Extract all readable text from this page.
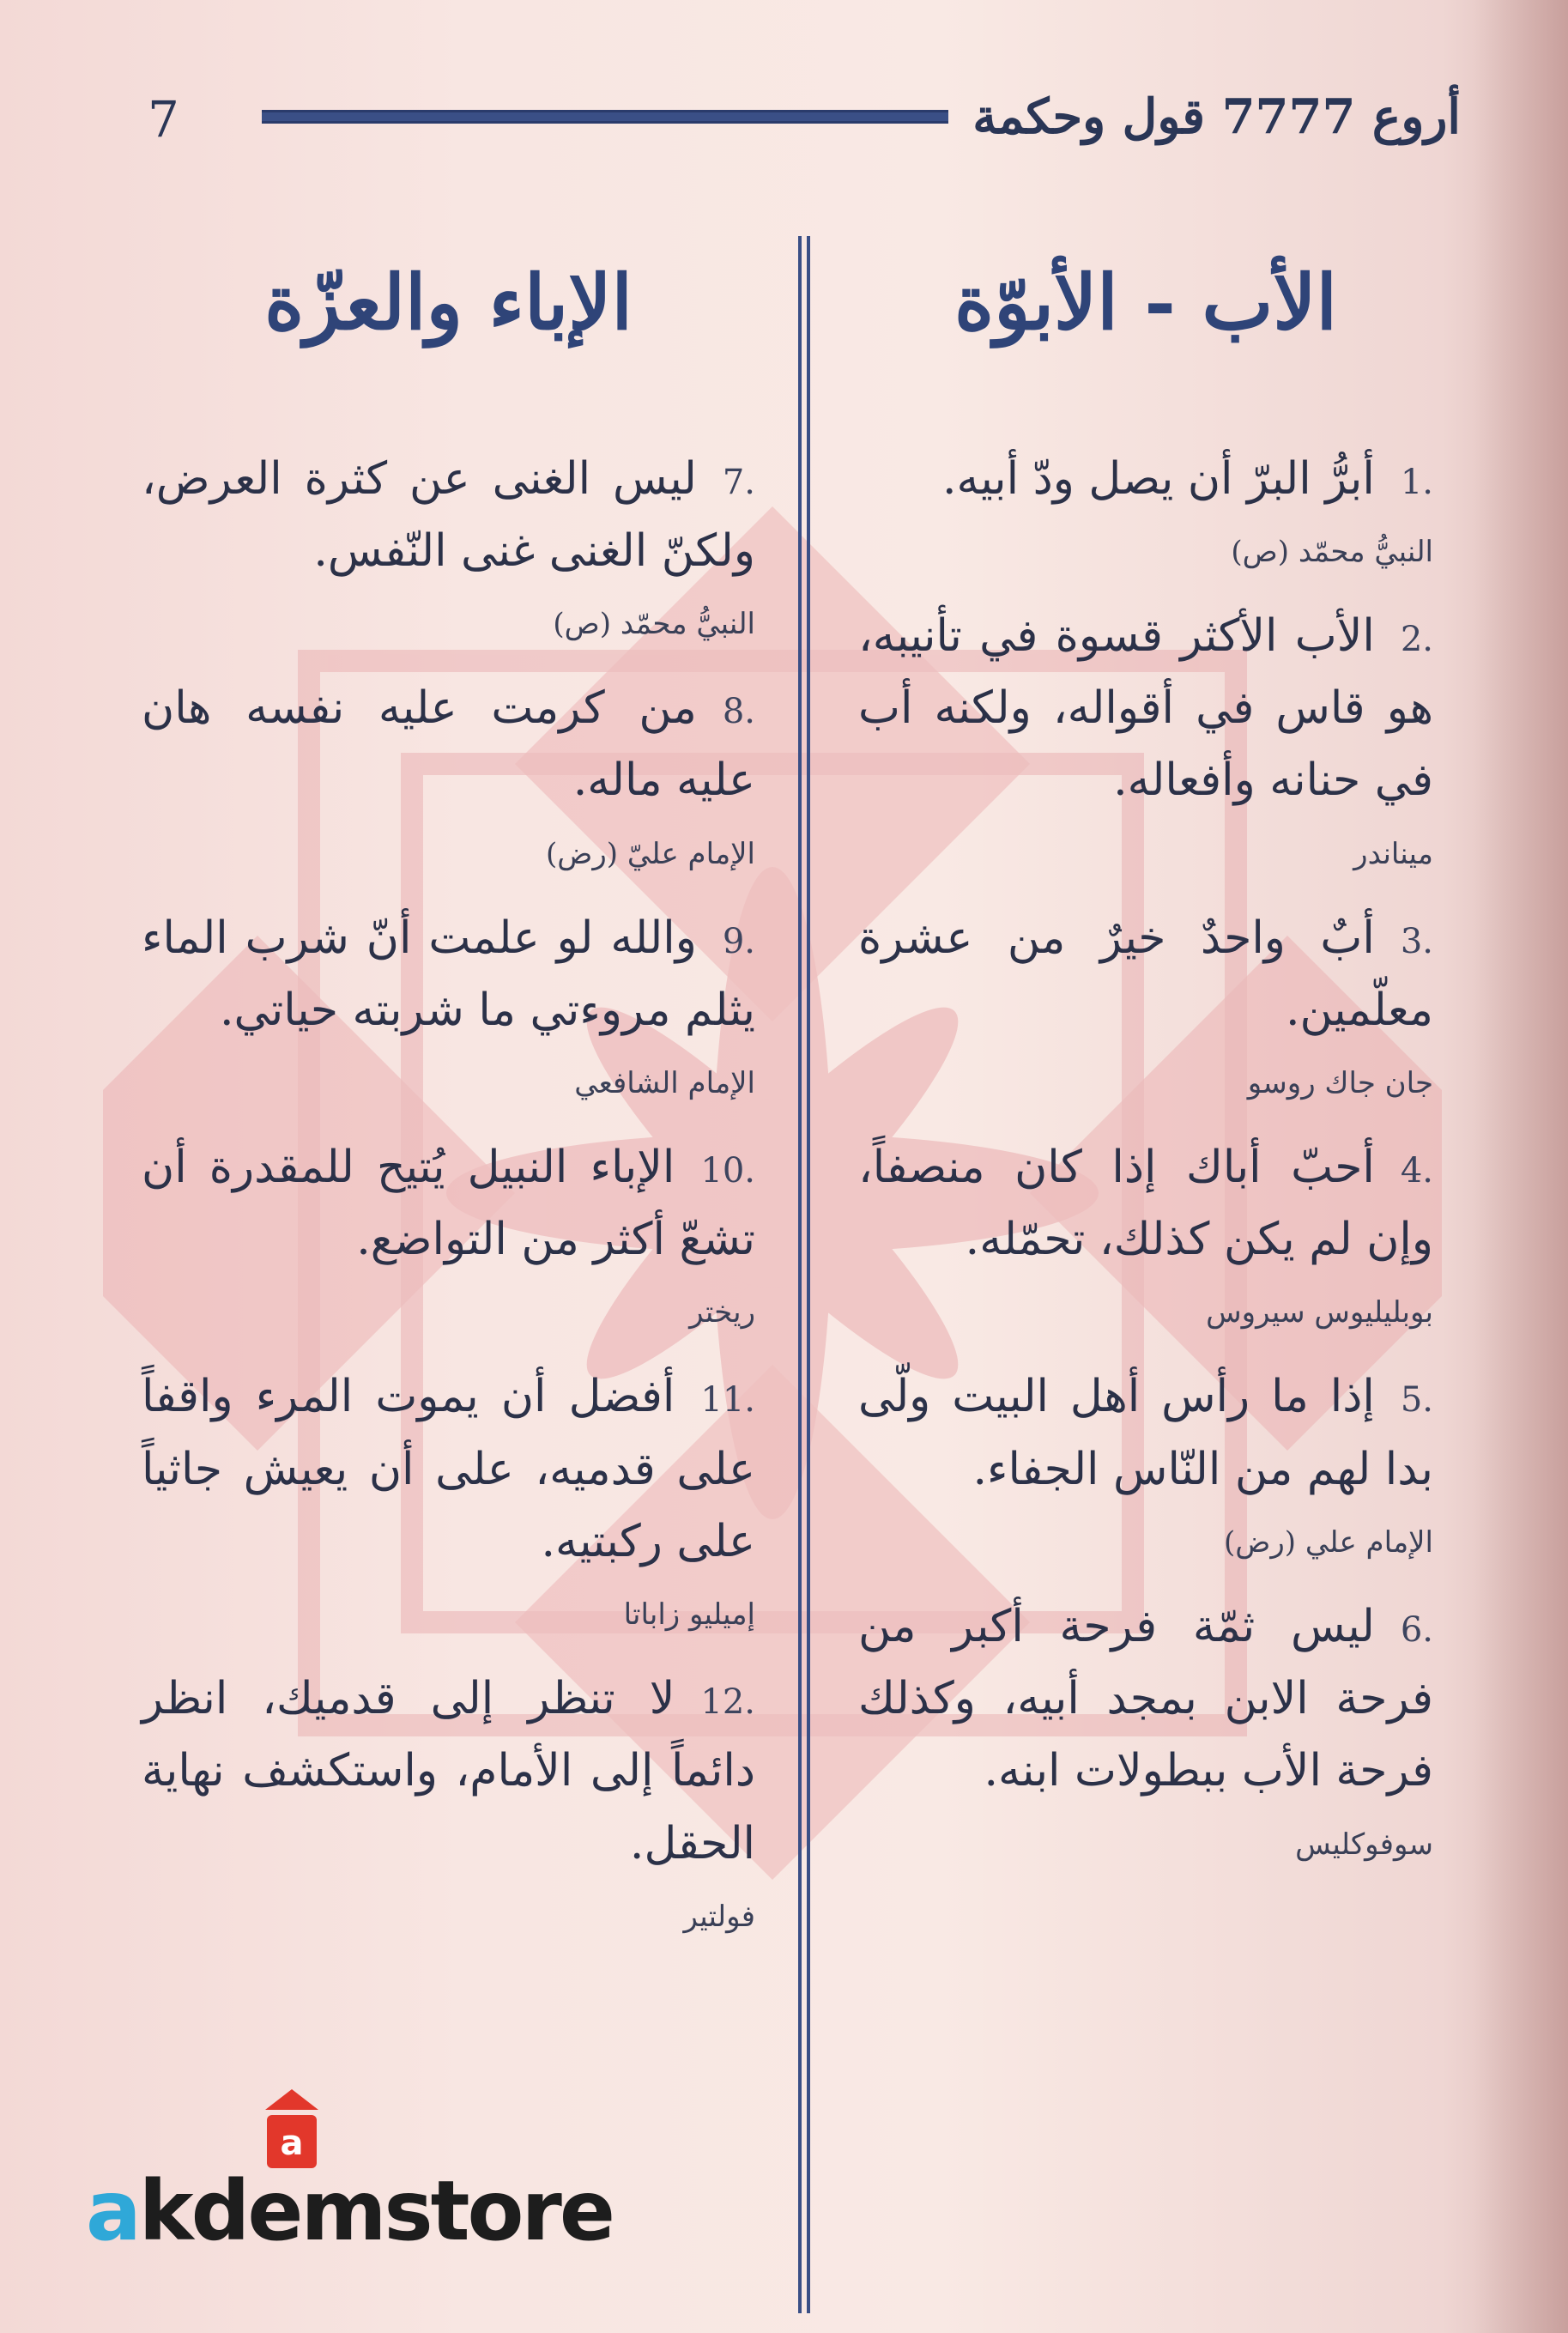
7	أروع 7777 قول وحكمة
الأب - الأبوّة

.1أبرُّ البرّ أن يصل ودّ أبيه.

النبيُّ محمّد (ص)

.2الأب الأكثر قسوة في تأنيبه، هو قاس في أقواله، ولكنه أب في حنانه وأفعاله.

ميناندر

.3أبٌ واحدٌ خيرٌ من عشرة معلّمين.

جان جاك روسو

.4أحبّ أباك إذا كان منصفاً، وإن لم يكن كذلك، تحمّله.

بوبليليوس سيروس

.5إذا ما رأس أهل البيت ولّى بدا لهم من النّاس الجفاء.

الإمام علي (رض)

.6ليس ثمّة فرحة أكبر من فرحة الابن بمجد أبيه، وكذلك فرحة الأب ببطولات ابنه.

سوفوكليس

الإباء والعزّة

.7ليس الغنى عن كثرة العرض، ولكنّ الغنى غنى النّفس.

النبيُّ محمّد (ص)

.8من كرمت عليه نفسه هان عليه ماله.

الإمام عليّ (رض)

.9والله لو علمت أنّ شرب الماء يثلم مروءتي ما شربته حياتي.

الإمام الشافعي

.10الإباء النبيل يُتيح للمقدرة أن تشعّ أكثر من التواضع.

ريختر

.11أفضل أن يموت المرء واقفاً على قدميه، على أن يعيش جاثياً على ركبتيه.

إميليو زاباتا

.12لا تنظر إلى قدميك، انظر دائماً إلى الأمام، واستكشف نهاية الحقل.

فولتير

a
akdemstore
